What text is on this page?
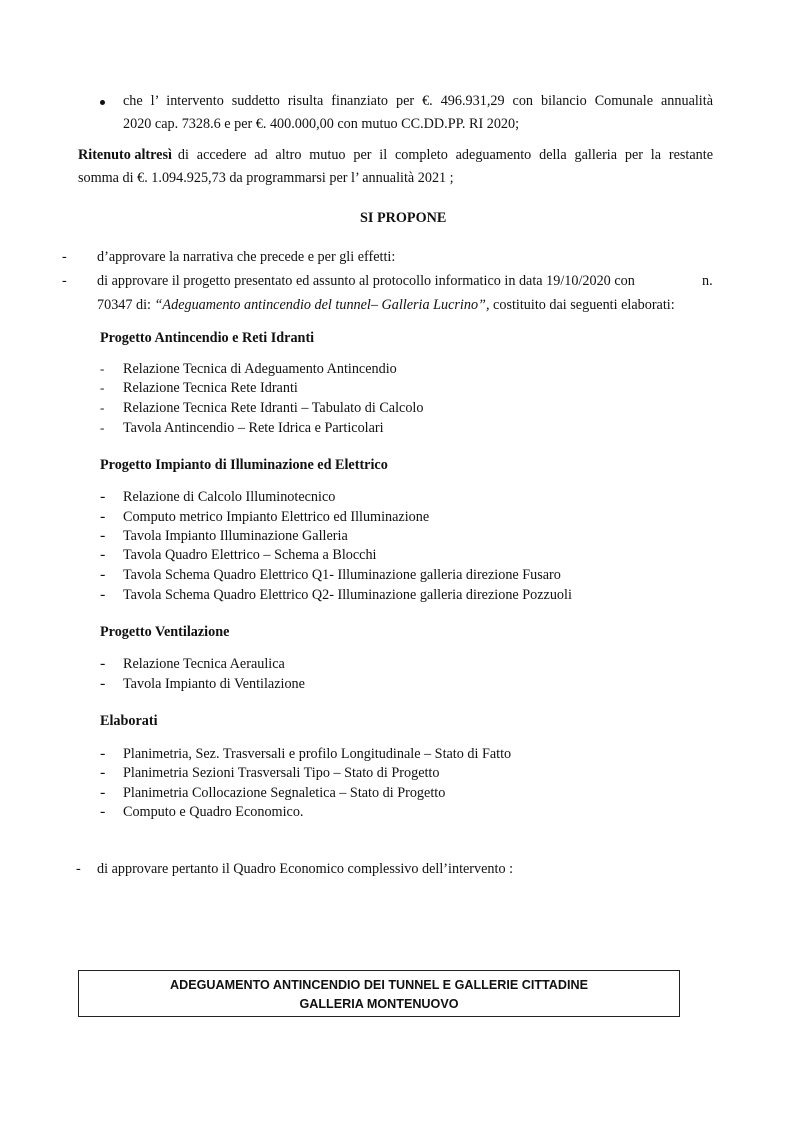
che l’ intervento suddetto risulta finanziato per €. 496.931,29 con bilancio Comunale annualità
2020 cap. 7328.6 e per €. 400.000,00 con mutuo CC.DD.PP. RI 2020;
Ritenuto altresì di accedere ad altro mutuo per il completo adeguamento della galleria per la restante
somma di €. 1.094.925,73 da programmarsi per l’ annualità 2021 ;
SI PROPONE
- d’approvare la narrativa che precede e per gli effetti:
- di approvare il progetto presentato ed assunto al protocollo informatico in data 19/10/2020 con	n.
70347 di: “Adeguamento antincendio del tunnel– Galleria Lucrino”, costituito dai seguenti elaborati:
Progetto Antincendio e Reti Idranti
- Relazione Tecnica di Adeguamento Antincendio
- Relazione Tecnica Rete Idranti
- Relazione Tecnica Rete Idranti – Tabulato di Calcolo
- Tavola Antincendio – Rete Idrica e Particolari
Progetto Impianto di Illuminazione ed Elettrico
- Relazione di Calcolo Illuminotecnico
- Computo metrico Impianto Elettrico ed Illuminazione
- Tavola Impianto Illuminazione Galleria
- Tavola Quadro Elettrico – Schema a Blocchi
- Tavola Schema Quadro Elettrico Q1- Illuminazione galleria direzione Fusaro
- Tavola Schema Quadro Elettrico Q2- Illuminazione galleria direzione Pozzuoli
Progetto Ventilazione
- Relazione Tecnica Aeraulica
- Tavola Impianto di Ventilazione
Elaborati
- Planimetria, Sez. Trasversali e profilo Longitudinale – Stato di Fatto
- Planimetria Sezioni Trasversali Tipo – Stato di Progetto
- Planimetria Collocazione Segnaletica – Stato di Progetto
- Computo e Quadro Economico.
- di approvare pertanto il Quadro Economico complessivo dell’intervento :
ADEGUAMENTO ANTINCENDIO DEI TUNNEL E GALLERIE CITTADINE
GALLERIA MONTENUOVO
